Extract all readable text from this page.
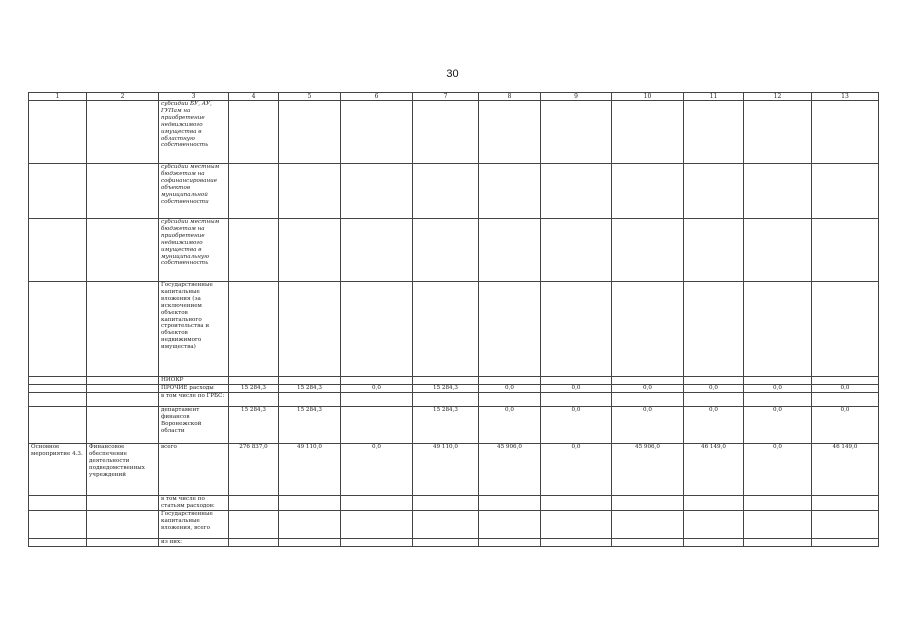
30
1	2	3	4	5	6	7	8	9	10	11	12	13
		субсидии БУ, АУ, ГУПам на приобретение недвижимого имущества в областную собственность										
		субсидии местным бюджетам на софинансирование объектов муниципальной собственности										
		субсидии местным бюджетам на приобретение недвижимого имущества в муниципальную собственность										
		Государственные капитальные вложения (за исключением объектов капитального строительства и объектов недвижимого имущества)										
		НИОКР										
		ПРОЧИЕ расходы	15 284,3	15 284,3	0,0	15 284,3	0,0	0,0	0,0	0,0	0,0	0,0
		в том числе по ГРБС:										
		департамент финансов Воронежской области	15 284,3	15 284,3		15 284,3	0,0	0,0	0,0	0,0	0,0	0,0
Основное мероприятие 4.3.	Финансовое обеспечение деятельности подведомственных учреждений	всего	276 837,0	49 110,0	0,0	49 110,0	45 906,0	0,0	45 906,0	46 149,0	0,0	46 149,0
		в том числе по статьям расходов:										
		Государственные капитальные вложения, всего										
		из них:										
